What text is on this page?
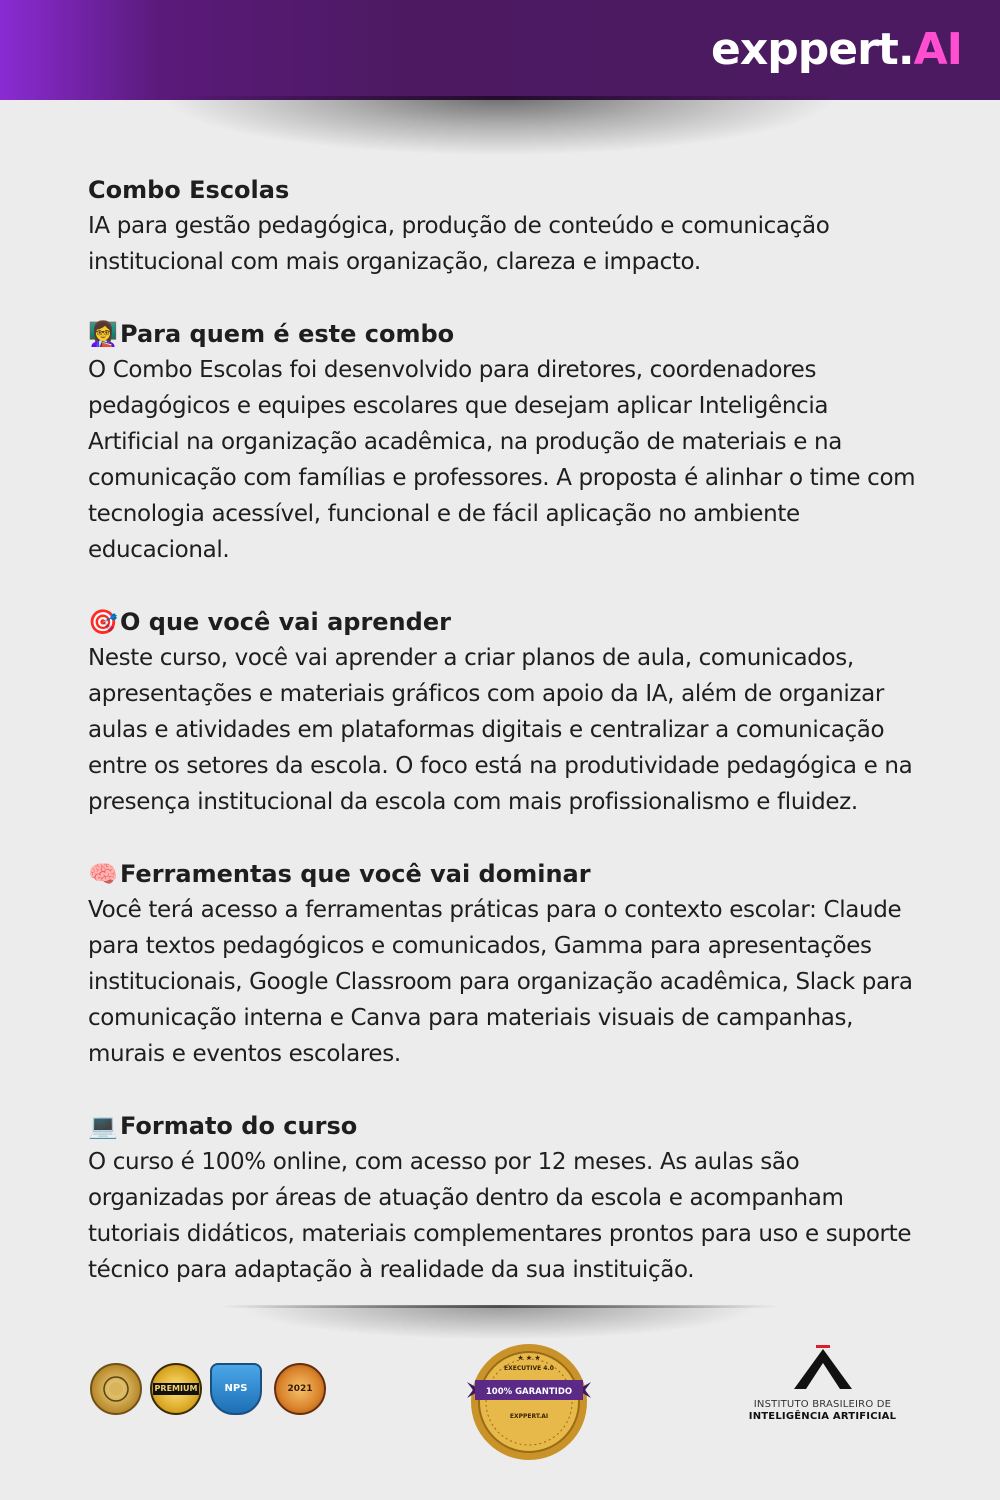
exppert.AI

Combo Escolas

IA para gestão pedagógica, produção de conteúdo e comunicação institucional com mais organização, clareza e impacto.

👩‍🏫Para quem é este combo

O Combo Escolas foi desenvolvido para diretores, coordenadores pedagógicos e equipes escolares que desejam aplicar Inteligência Artificial na organização acadêmica, na produção de materiais e na comunicação com famílias e professores. A proposta é alinhar o time com tecnologia acessível, funcional e de fácil aplicação no ambiente educacional.

🎯O que você vai aprender

Neste curso, você vai aprender a criar planos de aula, comunicados, apresentações e materiais gráficos com apoio da IA, além de organizar aulas e atividades em plataformas digitais e centralizar a comunicação entre os setores da escola. O foco está na produtividade pedagógica e na presença institucional da escola com mais profissionalismo e fluidez.

🧠Ferramentas que você vai dominar

Você terá acesso a ferramentas práticas para o contexto escolar: Claude para textos pedagógicos e comunicados, Gamma para apresentações institucionais, Google Classroom para organização acadêmica, Slack para comunicação interna e Canva para materiais visuais de campanhas, murais e eventos escolares.

💻Formato do curso

O curso é 100% online, com acesso por 12 meses. As aulas são organizadas por áreas de atuação dentro da escola e acompanham tutoriais didáticos, materiais complementares prontos para uso e suporte técnico para adaptação à realidade da sua instituição.

PREMIUM	NPS	2021
EXECUTIVE 4.0
100% GARANTIDO
EXPPERT.AI
★ ★ ★
INSTITUTO BRASILEIRO DE
INTELIGÊNCIA ARTIFICIAL
